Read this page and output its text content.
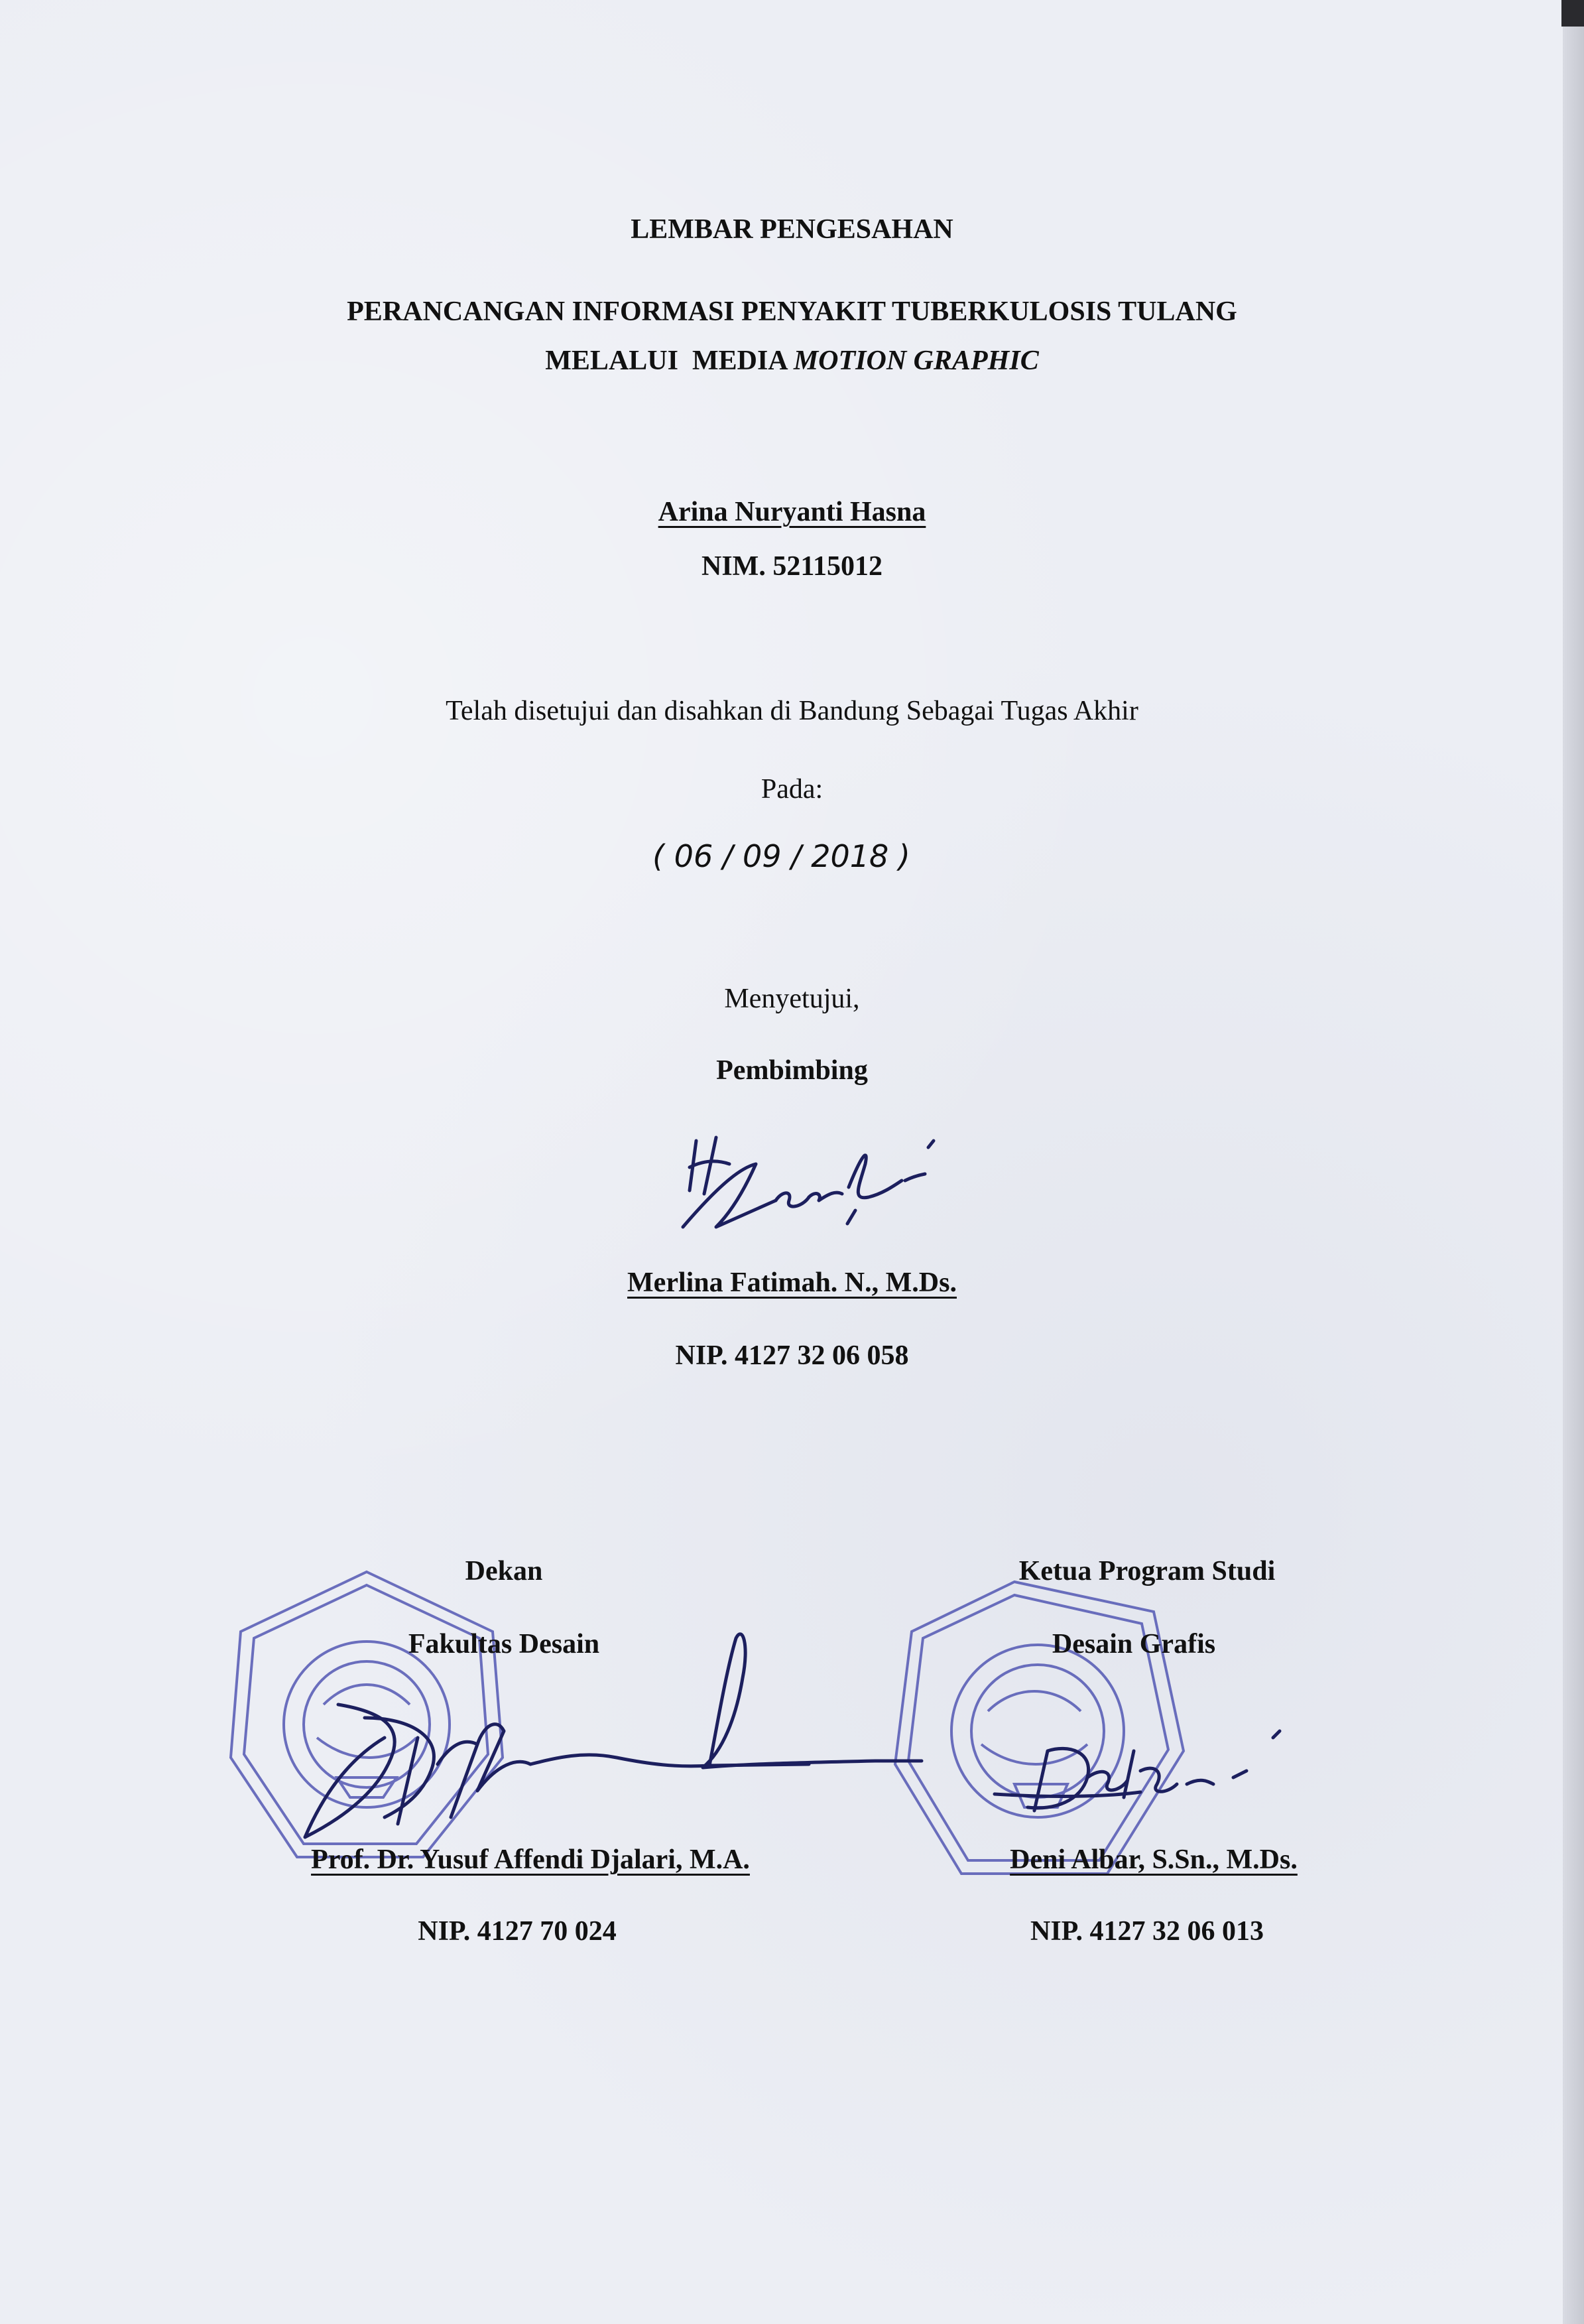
LEMBAR PENGESAHAN
PERANCANGAN INFORMASI PENYAKIT TUBERKULOSIS TULANG
MELALUI  MEDIA MOTION GRAPHIC
Arina Nuryanti Hasna
NIM. 52115012
Telah disetujui dan disahkan di Bandung Sebagai Tugas Akhir
Pada:
( 06 / 09 / 2018 )
Menyetujui,
Pembimbing
Merlina Fatimah. N., M.Ds.
NIP. 4127 32 06 058
Dekan
Fakultas Desain
Prof. Dr. Yusuf Affendi Djalari, M.A.
NIP. 4127 70 024
Ketua Program Studi
Desain Grafis
Deni Albar, S.Sn., M.Ds.
NIP. 4127 32 06 013
